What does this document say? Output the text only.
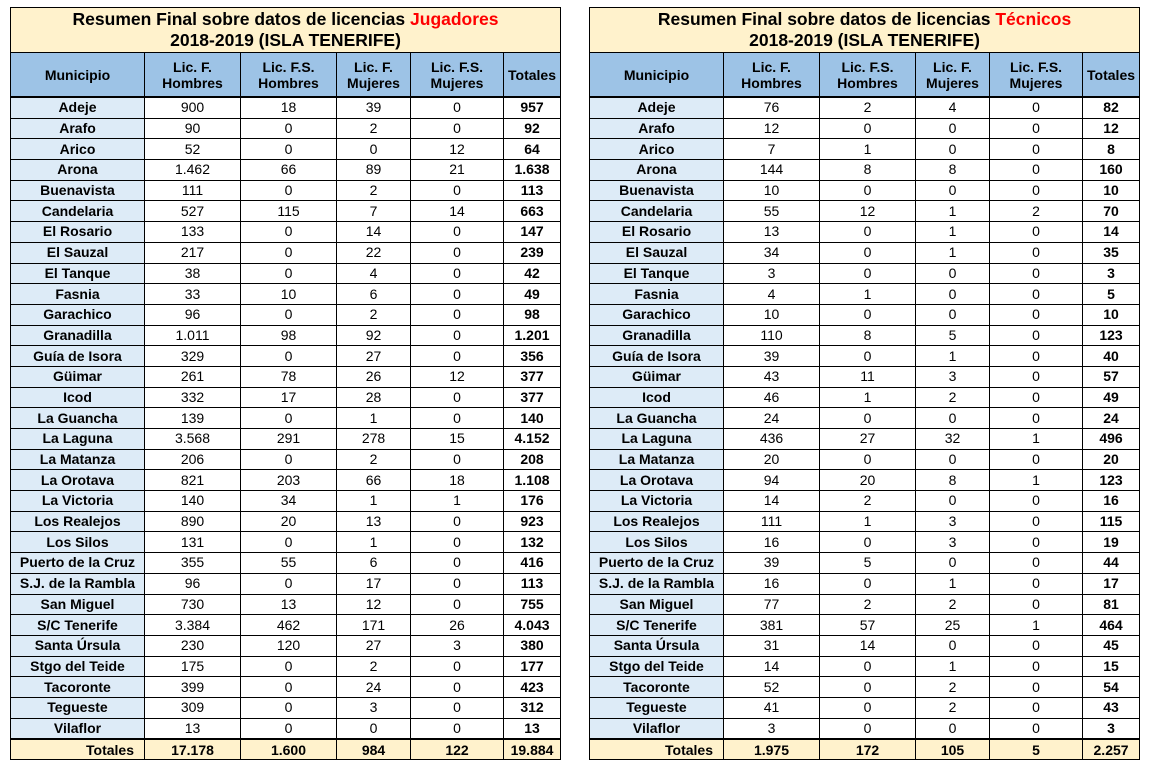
Resumen Final sobre datos de licencias Jugadores
2018-2019 (ISLA TENERIFE)					
Municipio	Lic. F. Hombres	Lic. F.S. Hombres	Lic. F. Mujeres	Lic. F.S. Mujeres	Totales
Adeje	900	18	39	0	957
Arafo	90	0	2	0	92
Arico	52	0	0	12	64
Arona	1.462	66	89	21	1.638
Buenavista	111	0	2	0	113
Candelaria	527	115	7	14	663
El Rosario	133	0	14	0	147
El Sauzal	217	0	22	0	239
El Tanque	38	0	4	0	42
Fasnia	33	10	6	0	49
Garachico	96	0	2	0	98
Granadilla	1.011	98	92	0	1.201
Guía de Isora	329	0	27	0	356
Güimar	261	78	26	12	377
Icod	332	17	28	0	377
La Guancha	139	0	1	0	140
La Laguna	3.568	291	278	15	4.152
La Matanza	206	0	2	0	208
La Orotava	821	203	66	18	1.108
La Victoria	140	34	1	1	176
Los Realejos	890	20	13	0	923
Los Silos	131	0	1	0	132
Puerto de la Cruz	355	55	6	0	416
S.J. de la Rambla	96	0	17	0	113
San Miguel	730	13	12	0	755
S/C Tenerife	3.384	462	171	26	4.043
Santa Úrsula	230	120	27	3	380
Stgo del Teide	175	0	2	0	177
Tacoronte	399	0	24	0	423
Tegueste	309	0	3	0	312
Vilaflor	13	0	0	0	13
Totales	17.178	1.600	984	122	19.884
Resumen Final sobre datos de licencias Técnicos
2018-2019 (ISLA TENERIFE)					
Municipio	Lic. F. Hombres	Lic. F.S. Hombres	Lic. F. Mujeres	Lic. F.S. Mujeres	Totales
Adeje	76	2	4	0	82
Arafo	12	0	0	0	12
Arico	7	1	0	0	8
Arona	144	8	8	0	160
Buenavista	10	0	0	0	10
Candelaria	55	12	1	2	70
El Rosario	13	0	1	0	14
El Sauzal	34	0	1	0	35
El Tanque	3	0	0	0	3
Fasnia	4	1	0	0	5
Garachico	10	0	0	0	10
Granadilla	110	8	5	0	123
Guía de Isora	39	0	1	0	40
Güimar	43	11	3	0	57
Icod	46	1	2	0	49
La Guancha	24	0	0	0	24
La Laguna	436	27	32	1	496
La Matanza	20	0	0	0	20
La Orotava	94	20	8	1	123
La Victoria	14	2	0	0	16
Los Realejos	111	1	3	0	115
Los Silos	16	0	3	0	19
Puerto de la Cruz	39	5	0	0	44
S.J. de la Rambla	16	0	1	0	17
San Miguel	77	2	2	0	81
S/C Tenerife	381	57	25	1	464
Santa Úrsula	31	14	0	0	45
Stgo del Teide	14	0	1	0	15
Tacoronte	52	0	2	0	54
Tegueste	41	0	2	0	43
Vilaflor	3	0	0	0	3
Totales	1.975	172	105	5	2.257
